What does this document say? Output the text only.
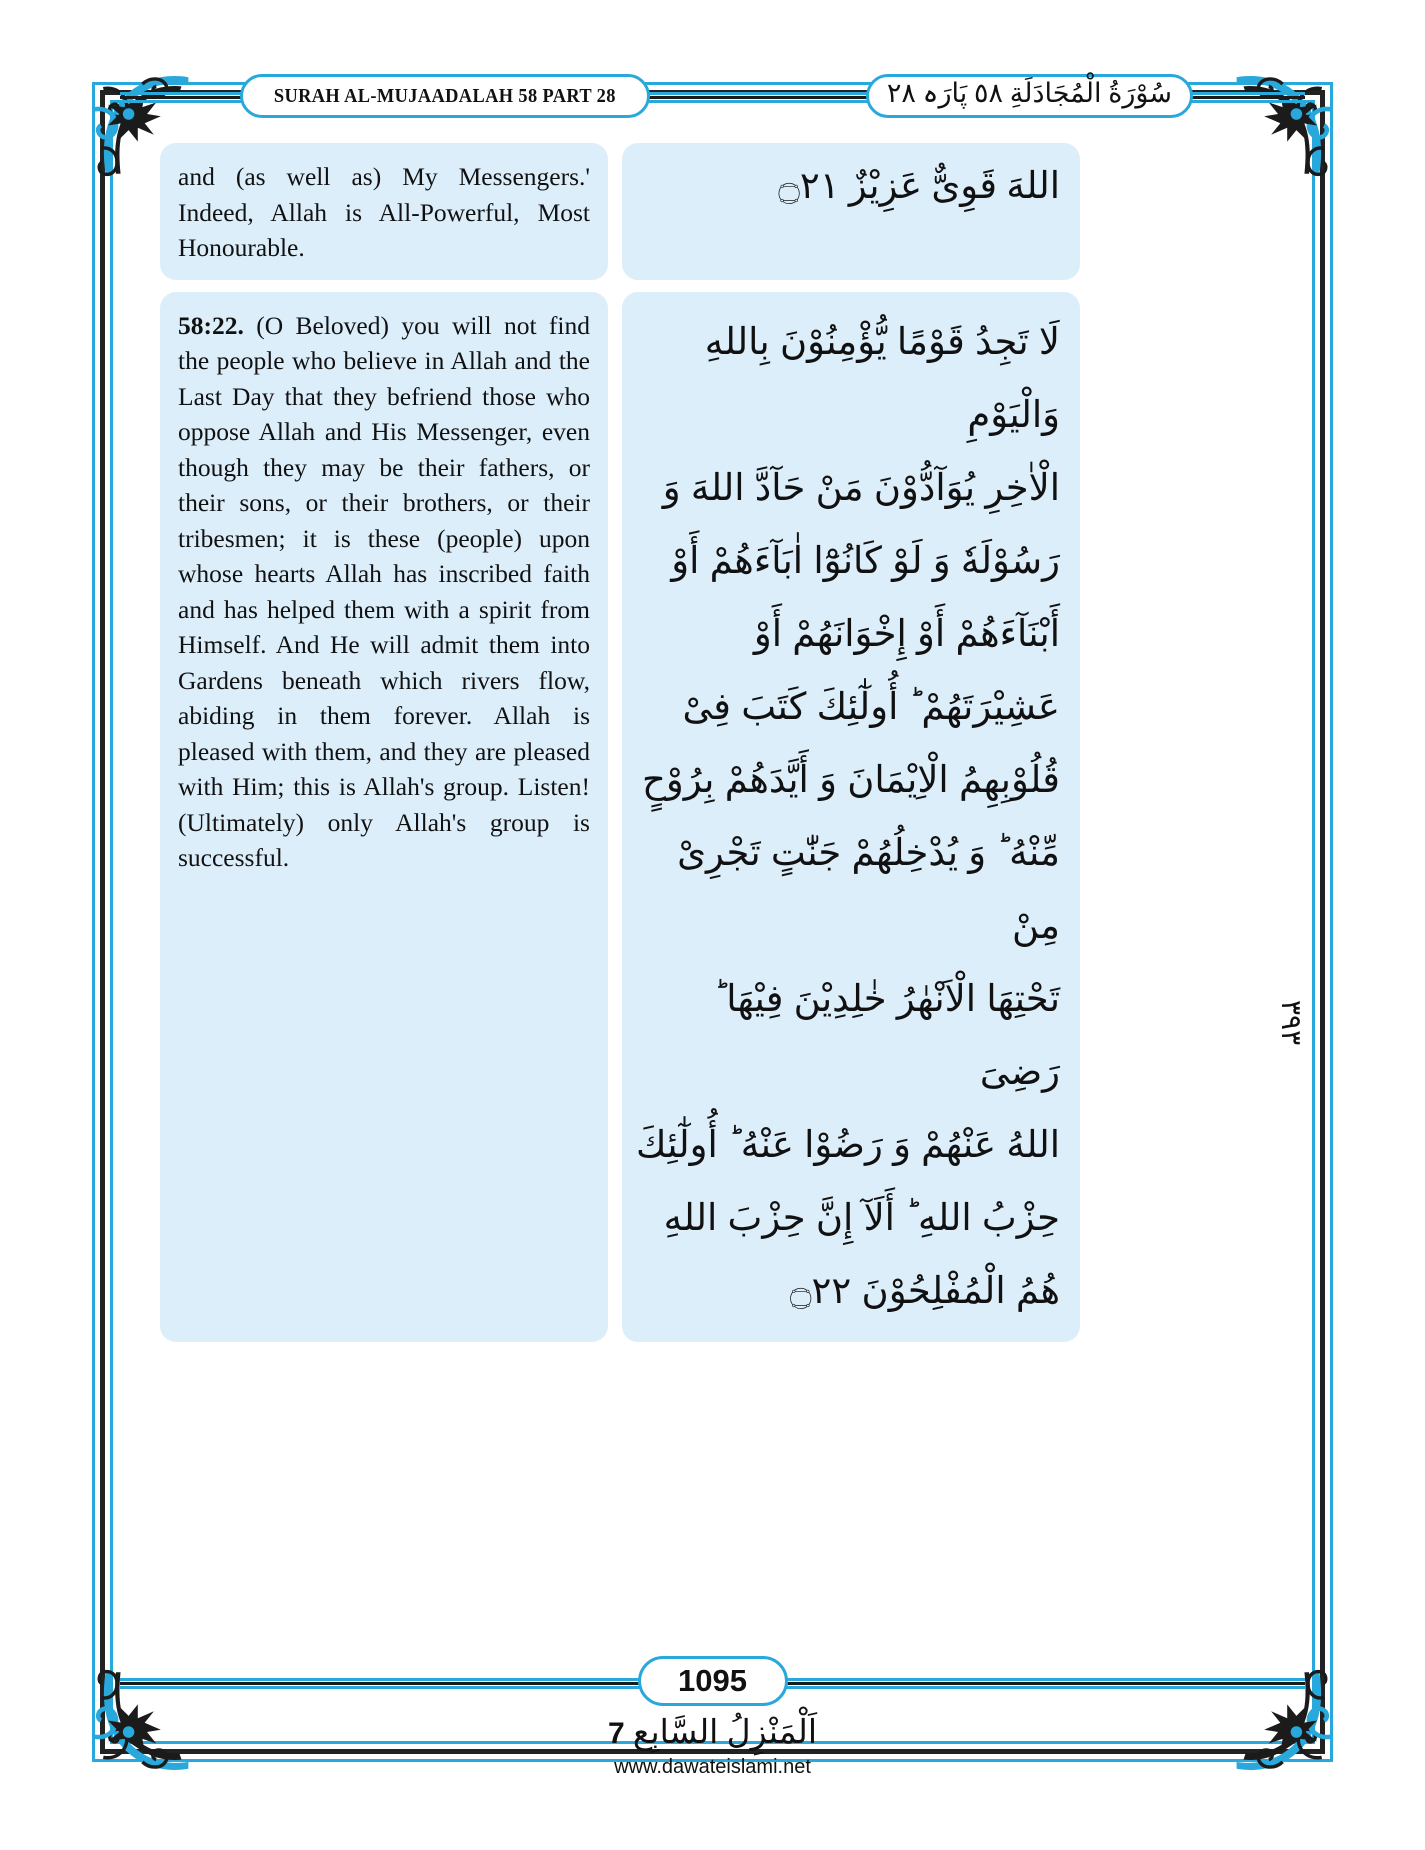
SURAH AL-MUJAADALAH 58 PART 28	سُوْرَةُ الْمُجَادَلَةِ ٥٨ پَارَہ ٢٨

and (as well as) My Messengers.' Indeed, Allah is All-Powerful, Most Honourable.

اللهَ قَوِىٌّ عَزِيْزٌ ۝٢١

58:22. (O Beloved) you will not find the people who believe in Allah and the Last Day that they befriend those who oppose Allah and His Messenger, even though they may be their fathers, or their sons, or their brothers, or their tribesmen; it is these (people) upon whose hearts Allah has inscribed faith and has helped them with a spirit from Himself. And He will admit them into Gardens beneath which rivers flow, abiding in them forever. Allah is pleased with them, and they are pleased with Him; this is Allah's group. Listen! (Ultimately) only Allah's group is successful.

لَا تَجِدُ قَوْمًا يُّؤْمِنُوْنَ بِاللهِ وَالْيَوْمِ
الْاٰخِرِ يُوَآدُّوْنَ مَنْ حَآدَّ اللهَ وَ
رَسُوْلَهٗ وَ لَوْ كَانُوْٓا اٰبَآءَهُمْ أَوْ
أَبْنَآءَهُمْ أَوْ إِخْوَانَهُمْ أَوْ
عَشِيْرَتَهُمْ ؕ أُولٰٓئِكَ كَتَبَ فِىْ
قُلُوْبِهِمُ الْاِيْمَانَ وَ أَيَّدَهُمْ بِرُوْحٍ
مِّنْهُ ؕ وَ يُدْخِلُهُمْ جَنّٰتٍ تَجْرِىْ مِنْ
تَحْتِهَا الْاَنْهٰرُ خٰلِدِيْنَ فِيْهَا ؕ رَضِىَ
اللهُ عَنْهُمْ وَ رَضُوْا عَنْهُ ؕ أُولٰٓئِكَ
حِزْبُ اللهِ ؕ أَلَآ إِنَّ حِزْبَ اللهِ
هُمُ الْمُفْلِحُوْنَ ۝٢٢
٣٩٣
1095
اَلْمَنْزِلُ السَّابِع 7
www.dawateislami.net
